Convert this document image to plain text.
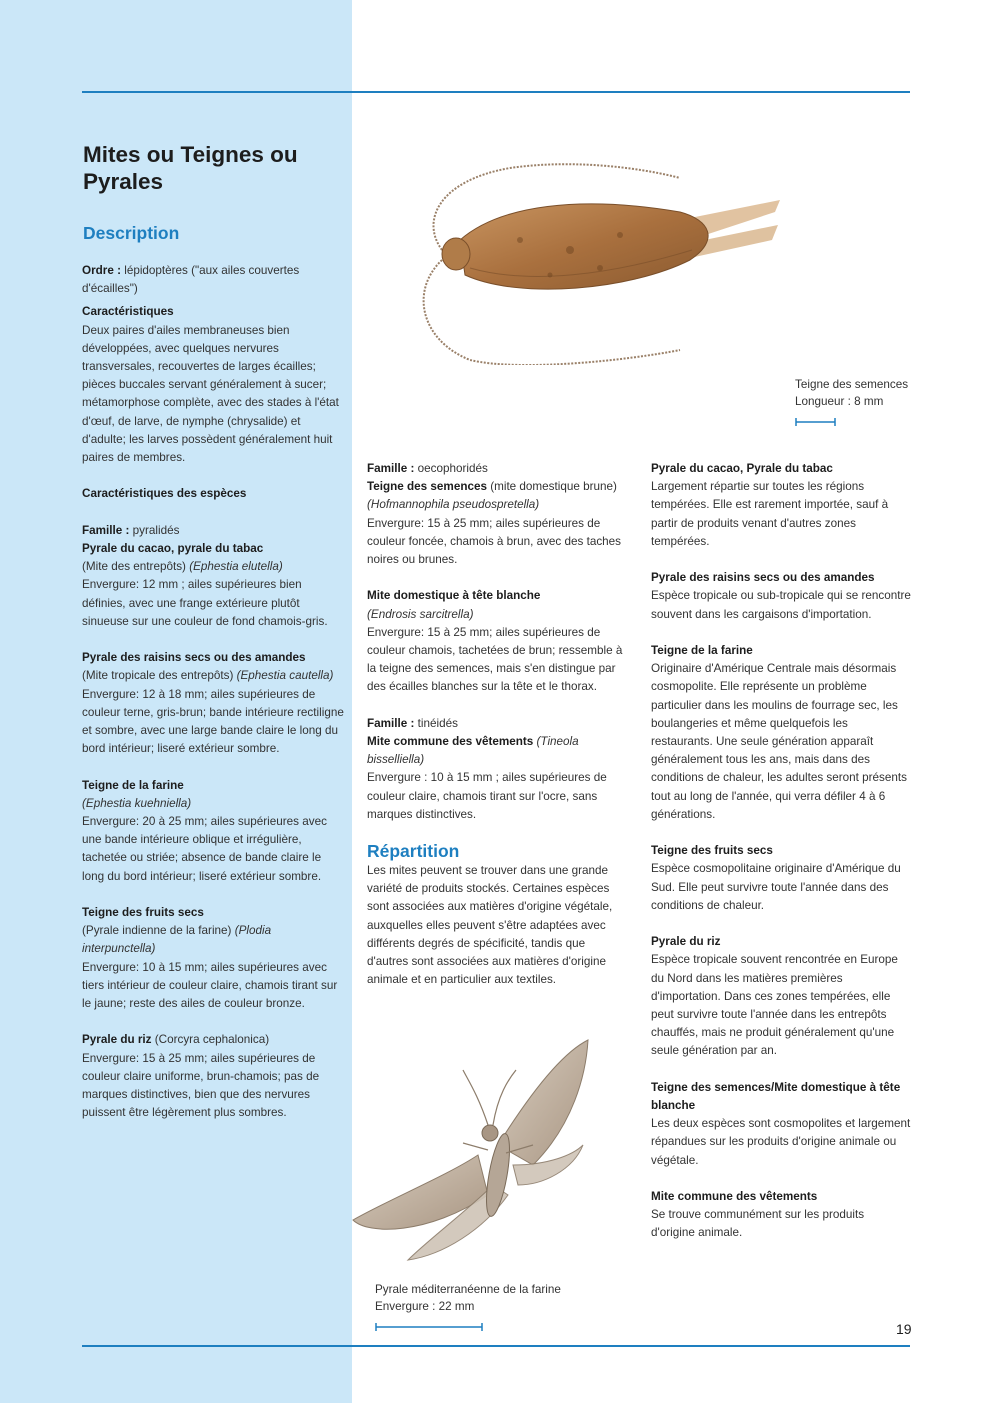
Mites ou Teignes ou Pyrales
Description

Ordre : lépidoptères ("aux ailes couvertes d'écailles")

Caractéristiques

Deux paires d'ailes membraneuses bien développées, avec quelques nervures transversales, recouvertes de larges écailles; pièces buccales servant généralement à sucer; métamorphose complète, avec des stades à l'état d'œuf, de larve, de nymphe (chrysalide) et d'adulte; les larves possèdent généralement huit paires de membres.

Caractéristiques des espèces

Famille : pyralidés

Pyrale du cacao, pyrale du tabac

(Mite des entrepôts) (Ephestia elutella)

Envergure: 12 mm ; ailes supérieures bien définies, avec une frange extérieure plutôt sinueuse sur une couleur de fond chamois-gris.

Pyrale des raisins secs ou des amandes

(Mite tropicale des entrepôts) (Ephestia cautella)

Envergure: 12 à 18 mm; ailes supérieures de couleur terne, gris-brun; bande intérieure rectiligne et sombre, avec une large bande claire le long du bord intérieur; liseré extérieur sombre.

Teigne de la farine

(Ephestia kuehniella)

Envergure: 20 à 25 mm; ailes supérieures avec une bande intérieure oblique et irrégulière, tachetée ou striée; absence de bande claire le long du bord intérieur; liseré extérieur sombre.

Teigne des fruits secs

(Pyrale indienne de la farine) (Plodia interpunctella)

Envergure: 10 à 15 mm; ailes supérieures avec tiers intérieur de couleur claire, chamois tirant sur le jaune; reste des ailes de couleur bronze.

Pyrale du riz (Corcyra cephalonica)

Envergure: 15 à 25 mm; ailes supérieures de couleur claire uniforme, brun-chamois; pas de marques distinctives, bien que des nervures puissent être légèrement plus sombres.

Teigne des semences

Longueur : 8 mm

Famille : oecophoridés

Teigne des semences (mite domestique brune)

(Hofmannophila pseudospretella)

Envergure: 15 à 25 mm; ailes supérieures de couleur foncée, chamois à brun, avec des taches noires ou brunes.

Mite domestique à tête blanche

(Endrosis sarcitrella)

Envergure: 15 à 25 mm; ailes supérieures de couleur chamois, tachetées de brun; ressemble à la teigne des semences, mais s'en distingue par des écailles blanches sur la tête et le thorax.

Famille : tinéidés

Mite commune des vêtements (Tineola bisselliella)

Envergure : 10 à 15 mm ; ailes supérieures de couleur claire, chamois tirant sur l'ocre, sans marques distinctives.

Répartition

Les mites peuvent se trouver dans une grande variété de produits stockés. Certaines espèces sont associées aux matières d'origine végétale, auxquelles elles peuvent s'être adaptées avec différents degrés de spécificité, tandis que d'autres sont associées aux matières d'origine animale et en particulier aux textiles.

Pyrale méditerranéenne de la farine

Envergure : 22 mm

Pyrale du cacao, Pyrale du tabac

Largement répartie sur toutes les régions tempérées. Elle est rarement importée, sauf à partir de produits venant d'autres zones tempérées.

Pyrale des raisins secs ou des amandes

Espèce tropicale ou sub-tropicale qui se rencontre souvent dans les cargaisons d'importation.

Teigne de la farine

Originaire d'Amérique Centrale mais désormais cosmopolite. Elle représente un problème particulier dans les moulins de fourrage sec, les boulangeries et même quelquefois les restaurants. Une seule génération apparaît généralement tous les ans, mais dans des conditions de chaleur, les adultes seront présents tout au long de l'année, qui verra défiler 4 à 6 générations.

Teigne des fruits secs

Espèce cosmopolitaine originaire d'Amérique du Sud. Elle peut survivre toute l'année dans des conditions de chaleur.

Pyrale du riz

Espèce tropicale souvent rencontrée en Europe du Nord dans les matières premières d'importation. Dans ces zones tempérées, elle peut survivre toute l'année dans les entrepôts chauffés, mais ne produit généralement qu'une seule génération par an.

Teigne des semences/Mite domestique à tête blanche

Les deux espèces sont cosmopolites et largement répandues sur les produits d'origine animale ou végétale.

Mite commune des vêtements

Se trouve communément sur les produits d'origine animale.

19
